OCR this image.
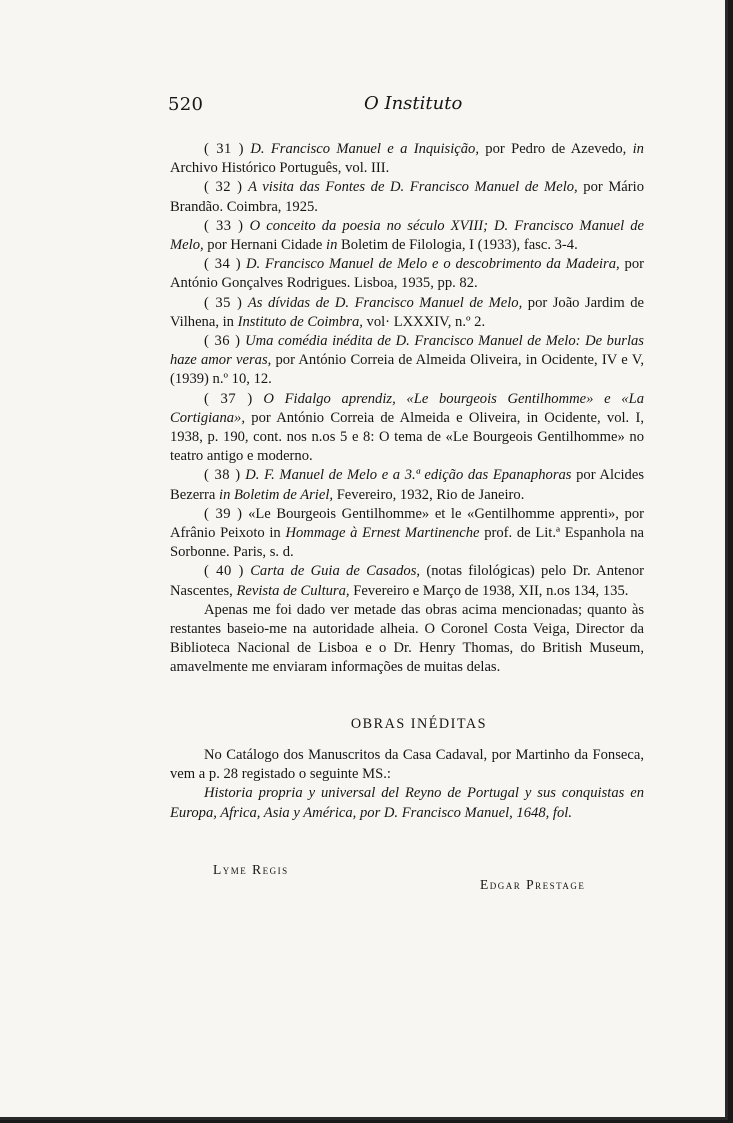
520	O Instituto

( 31 ) D. Francisco Manuel e a Inquisição, por Pedro de Azevedo, in Archivo Histórico Português, vol. III.

( 32 ) A visita das Fontes de D. Francisco Manuel de Melo, por Mário Brandão. Coimbra, 1925.

( 33 ) O conceito da poesia no século XVIII; D. Francisco Manuel de Melo, por Hernani Cidade in Boletim de Filologia, I (1933), fasc. 3-4.

( 34 ) D. Francisco Manuel de Melo e o descobrimento da Madeira, por António Gonçalves Rodrigues. Lisboa, 1935, pp. 82.

( 35 ) As dívidas de D. Francisco Manuel de Melo, por João Jardim de Vilhena, in Instituto de Coimbra, vol· LXXXIV, n.º 2.

( 36 ) Uma comédia inédita de D. Francisco Manuel de Melo: De burlas haze amor veras, por António Correia de Almeida Oliveira, in Ocidente, IV e V, (1939) n.º 10, 12.

( 37 ) O Fidalgo aprendiz, «Le bourgeois Gentilhomme» e «La Cortigiana», por António Correia de Almeida e Oliveira, in Ocidente, vol. I, 1938, p. 190, cont. nos n.os 5 e 8: O tema de «Le Bourgeois Gentilhomme» no teatro antigo e moderno.

( 38 ) D. F. Manuel de Melo e a 3.ª edição das Epanaphoras por Alcides Bezerra in Boletim de Ariel, Fevereiro, 1932, Rio de Janeiro.

( 39 ) «Le Bourgeois Gentilhomme» et le «Gentilhomme apprenti», por Afrânio Peixoto in Hommage à Ernest Martinenche prof. de Lit.ª Espanhola na Sorbonne. Paris, s. d.

( 40 ) Carta de Guia de Casados, (notas filológicas) pelo Dr. Antenor Nascentes, Revista de Cultura, Fevereiro e Março de 1938, XII, n.os 134, 135.

Apenas me foi dado ver metade das obras acima mencionadas; quanto às restantes baseio-me na autoridade alheia. O Coronel Costa Veiga, Director da Biblioteca Nacional de Lisboa e o Dr. Henry Thomas, do British Museum, amavelmente me enviaram informações de muitas delas.

OBRAS INÉDITAS

No Catálogo dos Manuscritos da Casa Cadaval, por Martinho da Fonseca, vem a p. 28 registado o seguinte MS.:

Historia propria y universal del Reyno de Portugal y sus conquistas en Europa, Africa, Asia y América, por D. Francisco Manuel, 1648, fol.

Lyme Regis
Edgar Prestage
